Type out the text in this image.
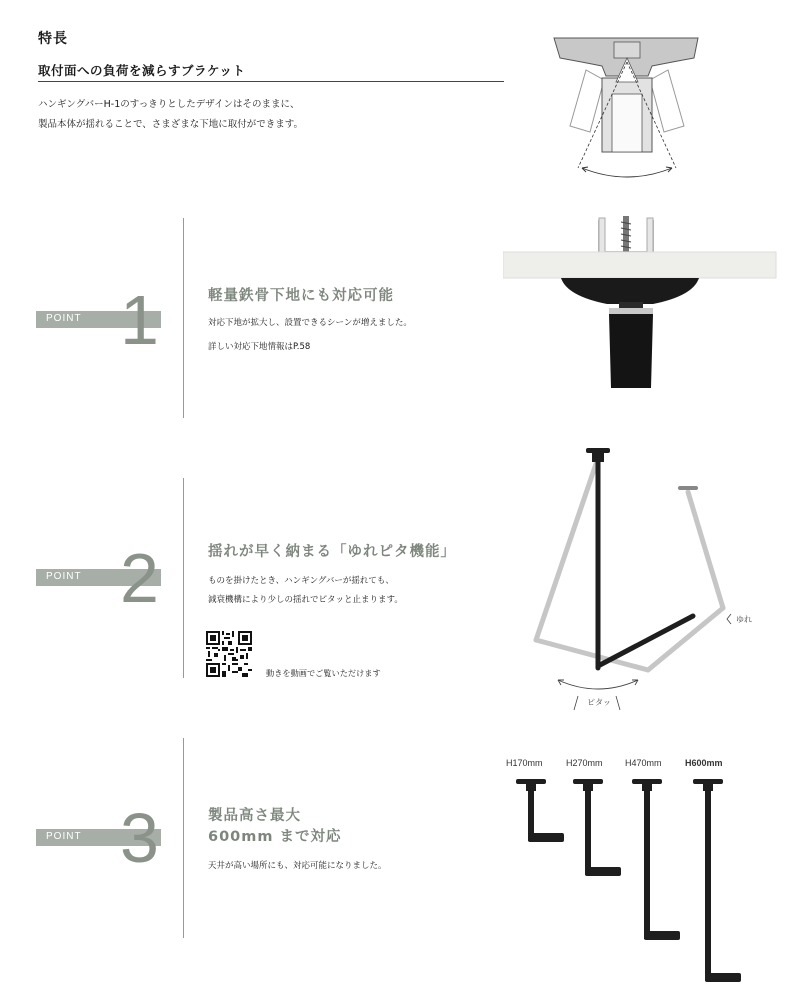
特長
取付面への負荷を減らすブラケット
ハンギングバーH-1のすっきりとしたデザインはそのままに、
製品本体が揺れることで、さまざまな下地に取付ができます。
POINT 1	軽量鉄骨下地にも対応可能
対応下地が拡大し、設置できるシーンが増えました。
詳しい対応下地情報はP.58
POINT 2	揺れが早く納まる「ゆれピタ機能」
ものを掛けたとき、ハンギングバーが揺れても、
減衰機構により少しの揺れでピタッと止まります。
動きを動画でご覧いただけます
ゆれ
ピタッ
POINT 3	製品高さ最大
600mm まで対応
天井が高い場所にも、対応可能になりました。
H170mm	H270mm H470mm	H600mm
